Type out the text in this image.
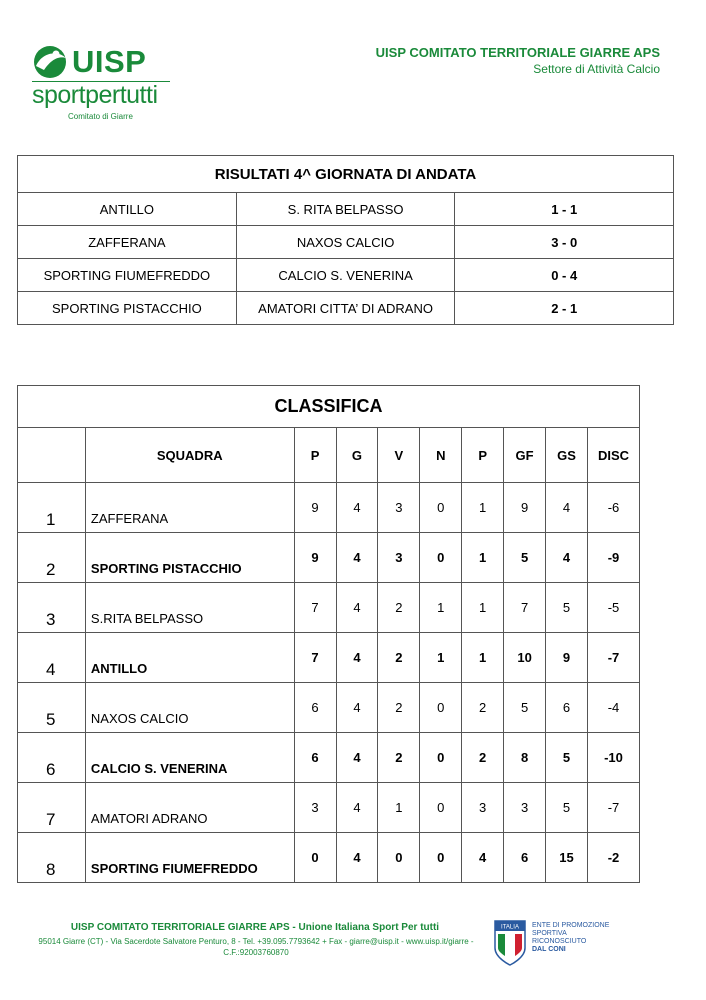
UISP
sportpertutti
Comitato di Giarre
UISP COMITATO TERRITORIALE GIARRE APS
Settore di Attività Calcio
RISULTATI 4^ GIORNATA DI ANDATA		
ANTILLO	S. RITA BELPASSO	1 - 1
ZAFFERANA	NAXOS CALCIO	3 - 0
SPORTING FIUMEFREDDO	CALCIO S. VENERINA	0 - 4
SPORTING PISTACCHIO	AMATORI CITTA’ DI ADRANO	2 - 1
CLASSIFICA									
	SQUADRA	P	G	V	N	P	GF	GS	DISC
1	ZAFFERANA	9	4	3	0	1	9	4	-6
2	SPORTING PISTACCHIO	9	4	3	0	1	5	4	-9
3	S.RITA BELPASSO	7	4	2	1	1	7	5	-5
4	ANTILLO	7	4	2	1	1	10	9	-7
5	NAXOS CALCIO	6	4	2	0	2	5	6	-4
6	CALCIO S. VENERINA	6	4	2	0	2	8	5	-10
7	AMATORI ADRANO	3	4	1	0	3	3	5	-7
8	SPORTING FIUMEFREDDO	0	4	0	0	4	6	15	-2
UISP COMITATO TERRITORIALE GIARRE APS - Unione Italiana Sport Per tutti
95014 Giarre (CT) - Via Sacerdote Salvatore Penturo, 8 - Tel. +39.095.7793642 + Fax - giarre@uisp.it - www.uisp.it/giarre - C.F.:92003760870
ITALIA ENTE DI PROMOZIONE
SPORTIVA
RICONOSCIUTO
DAL CONI
